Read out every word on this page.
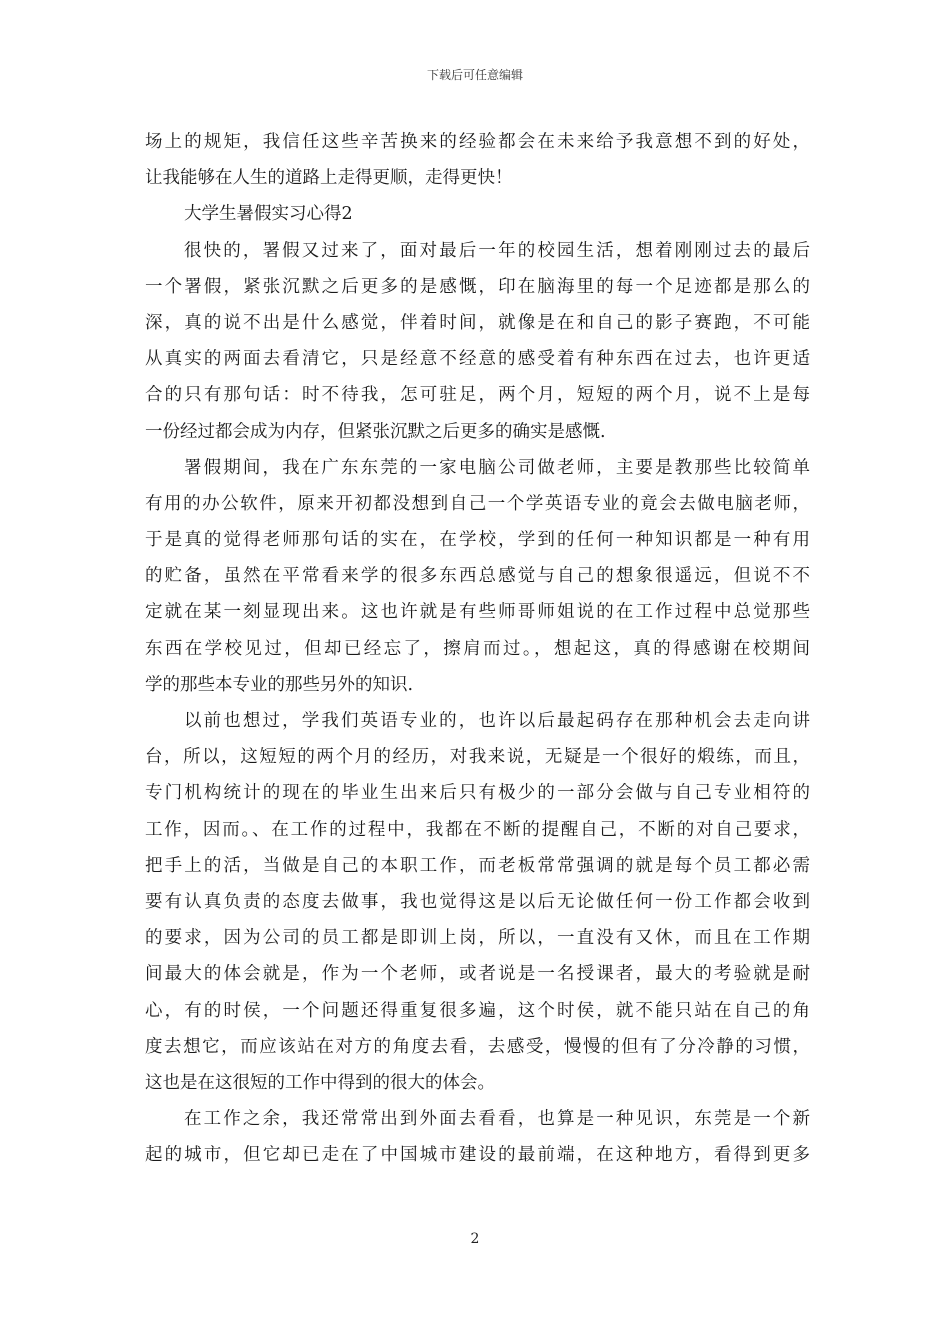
下载后可任意编辑
场上的规矩，我信任这些辛苦换来的经验都会在未来给予我意想不到的好处，
让我能够在人生的道路上走得更顺，走得更快！
大学生暑假实习心得2
很快的，署假又过来了，面对最后一年的校园生活，想着刚刚过去的最后
一个署假，紧张沉默之后更多的是感慨，印在脑海里的每一个足迹都是那么的
深，真的说不出是什么感觉，伴着时间，就像是在和自己的影子赛跑，不可能
从真实的两面去看清它，只是经意不经意的感受着有种东西在过去，也许更适
合的只有那句话：时不待我，怎可驻足，两个月，短短的两个月，说不上是每
一份经过都会成为内存，但紧张沉默之后更多的确实是感慨.
署假期间，我在广东东莞的一家电脑公司做老师，主要是教那些比较简单
有用的办公软件，原来开初都没想到自己一个学英语专业的竟会去做电脑老师，
于是真的觉得老师那句话的实在，在学校，学到的任何一种知识都是一种有用
的贮备，虽然在平常看来学的很多东西总感觉与自己的想象很遥远，但说不不
定就在某一刻显现出来。这也许就是有些师哥师姐说的在工作过程中总觉那些
东西在学校见过，但却已经忘了，擦肩而过。，想起这，真的得感谢在校期间
学的那些本专业的那些另外的知识.
以前也想过，学我们英语专业的，也许以后最起码存在那种机会去走向讲
台，所以，这短短的两个月的经历，对我来说，无疑是一个很好的煅练，而且，
专门机构统计的现在的毕业生出来后只有极少的一部分会做与自己专业相符的
工作，因而。、在工作的过程中，我都在不断的提醒自己，不断的对自己要求，
把手上的活，当做是自己的本职工作，而老板常常强调的就是每个员工都必需
要有认真负责的态度去做事，我也觉得这是以后无论做任何一份工作都会收到
的要求，因为公司的员工都是即训上岗，所以，一直没有又休，而且在工作期
间最大的体会就是，作为一个老师，或者说是一名授课者，最大的考验就是耐
心，有的时侯，一个问题还得重复很多遍，这个时侯，就不能只站在自己的角
度去想它，而应该站在对方的角度去看，去感受，慢慢的但有了分冷静的习惯，
这也是在这很短的工作中得到的很大的体会。
在工作之余，我还常常出到外面去看看，也算是一种见识，东莞是一个新
起的城市，但它却已走在了中国城市建设的最前端，在这种地方，看得到更多
2
